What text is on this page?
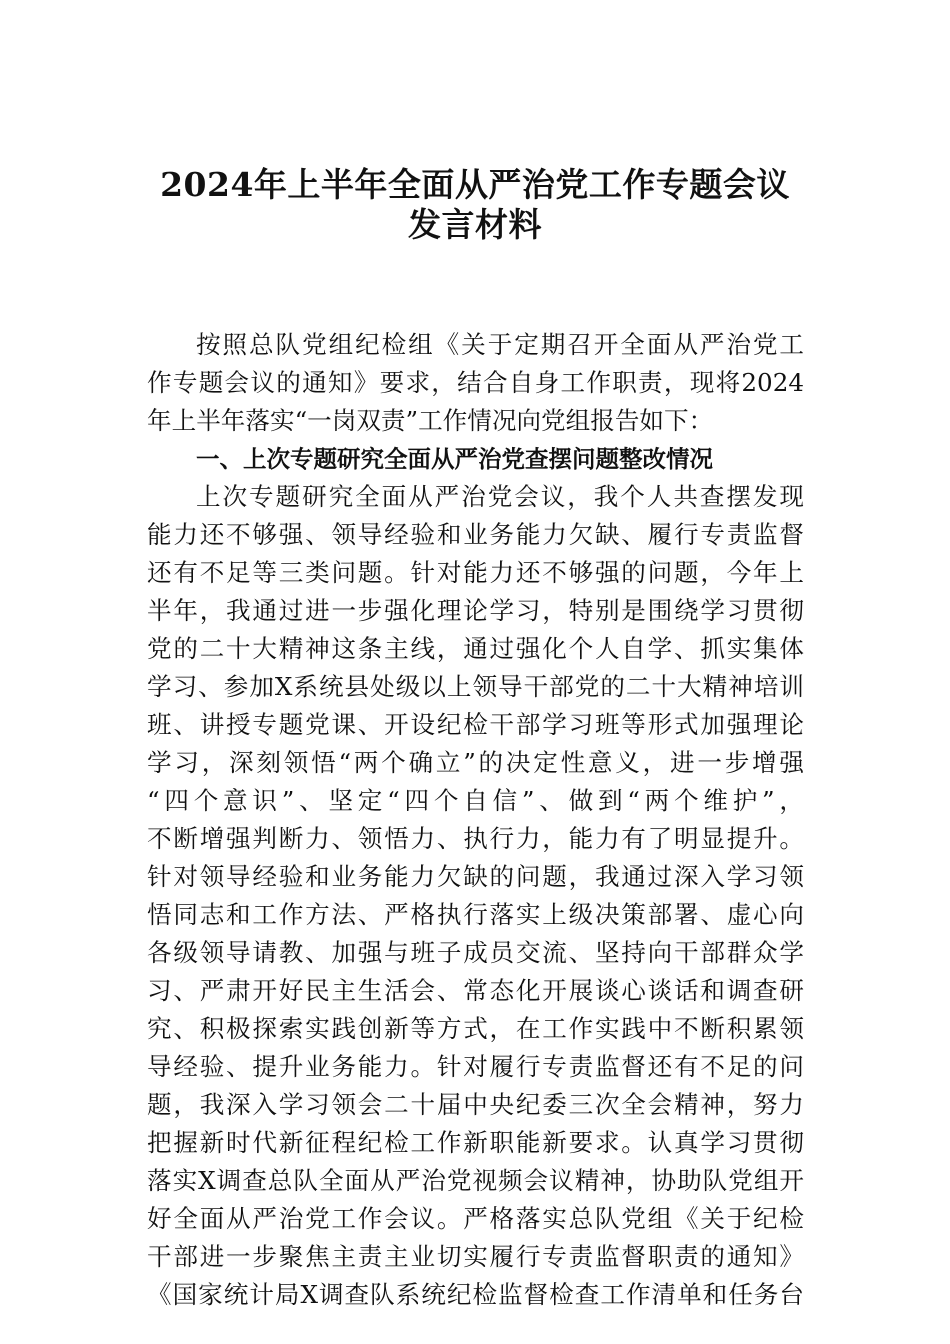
2024年上半年全面从严治党工作专题会议
发言材料
按照总队党组纪检组《关于定期召开全面从严治党工
作专题会议的通知》要求，结合自身工作职责，现将2024
年上半年落实“一岗双责”工作情况向党组报告如下：
一、上次专题研究全面从严治党查摆问题整改情况
上次专题研究全面从严治党会议，我个人共查摆发现
能力还不够强、领导经验和业务能力欠缺、履行专责监督
还有不足等三类问题。针对能力还不够强的问题，今年上
半年，我通过进一步强化理论学习，特别是围绕学习贯彻
党的二十大精神这条主线，通过强化个人自学、抓实集体
学习、参加X系统县处级以上领导干部党的二十大精神培训
班、讲授专题党课、开设纪检干部学习班等形式加强理论
学习，深刻领悟“两个确立”的决定性意义，进一步增强
“四个意识”、坚定“四个自信”、做到“两个维护”，
不断增强判断力、领悟力、执行力，能力有了明显提升。
针对领导经验和业务能力欠缺的问题，我通过深入学习领
悟同志和工作方法、严格执行落实上级决策部署、虚心向
各级领导请教、加强与班子成员交流、坚持向干部群众学
习、严肃开好民主生活会、常态化开展谈心谈话和调查研
究、积极探索实践创新等方式，在工作实践中不断积累领
导经验、提升业务能力。针对履行专责监督还有不足的问
题，我深入学习领会二十届中央纪委三次全会精神，努力
把握新时代新征程纪检工作新职能新要求。认真学习贯彻
落实X调查总队全面从严治党视频会议精神，协助队党组开
好全面从严治党工作会议。严格落实总队党组《关于纪检
干部进一步聚焦主责主业切实履行专责监督职责的通知》
《国家统计局X调查队系统纪检监督检查工作清单和任务台
